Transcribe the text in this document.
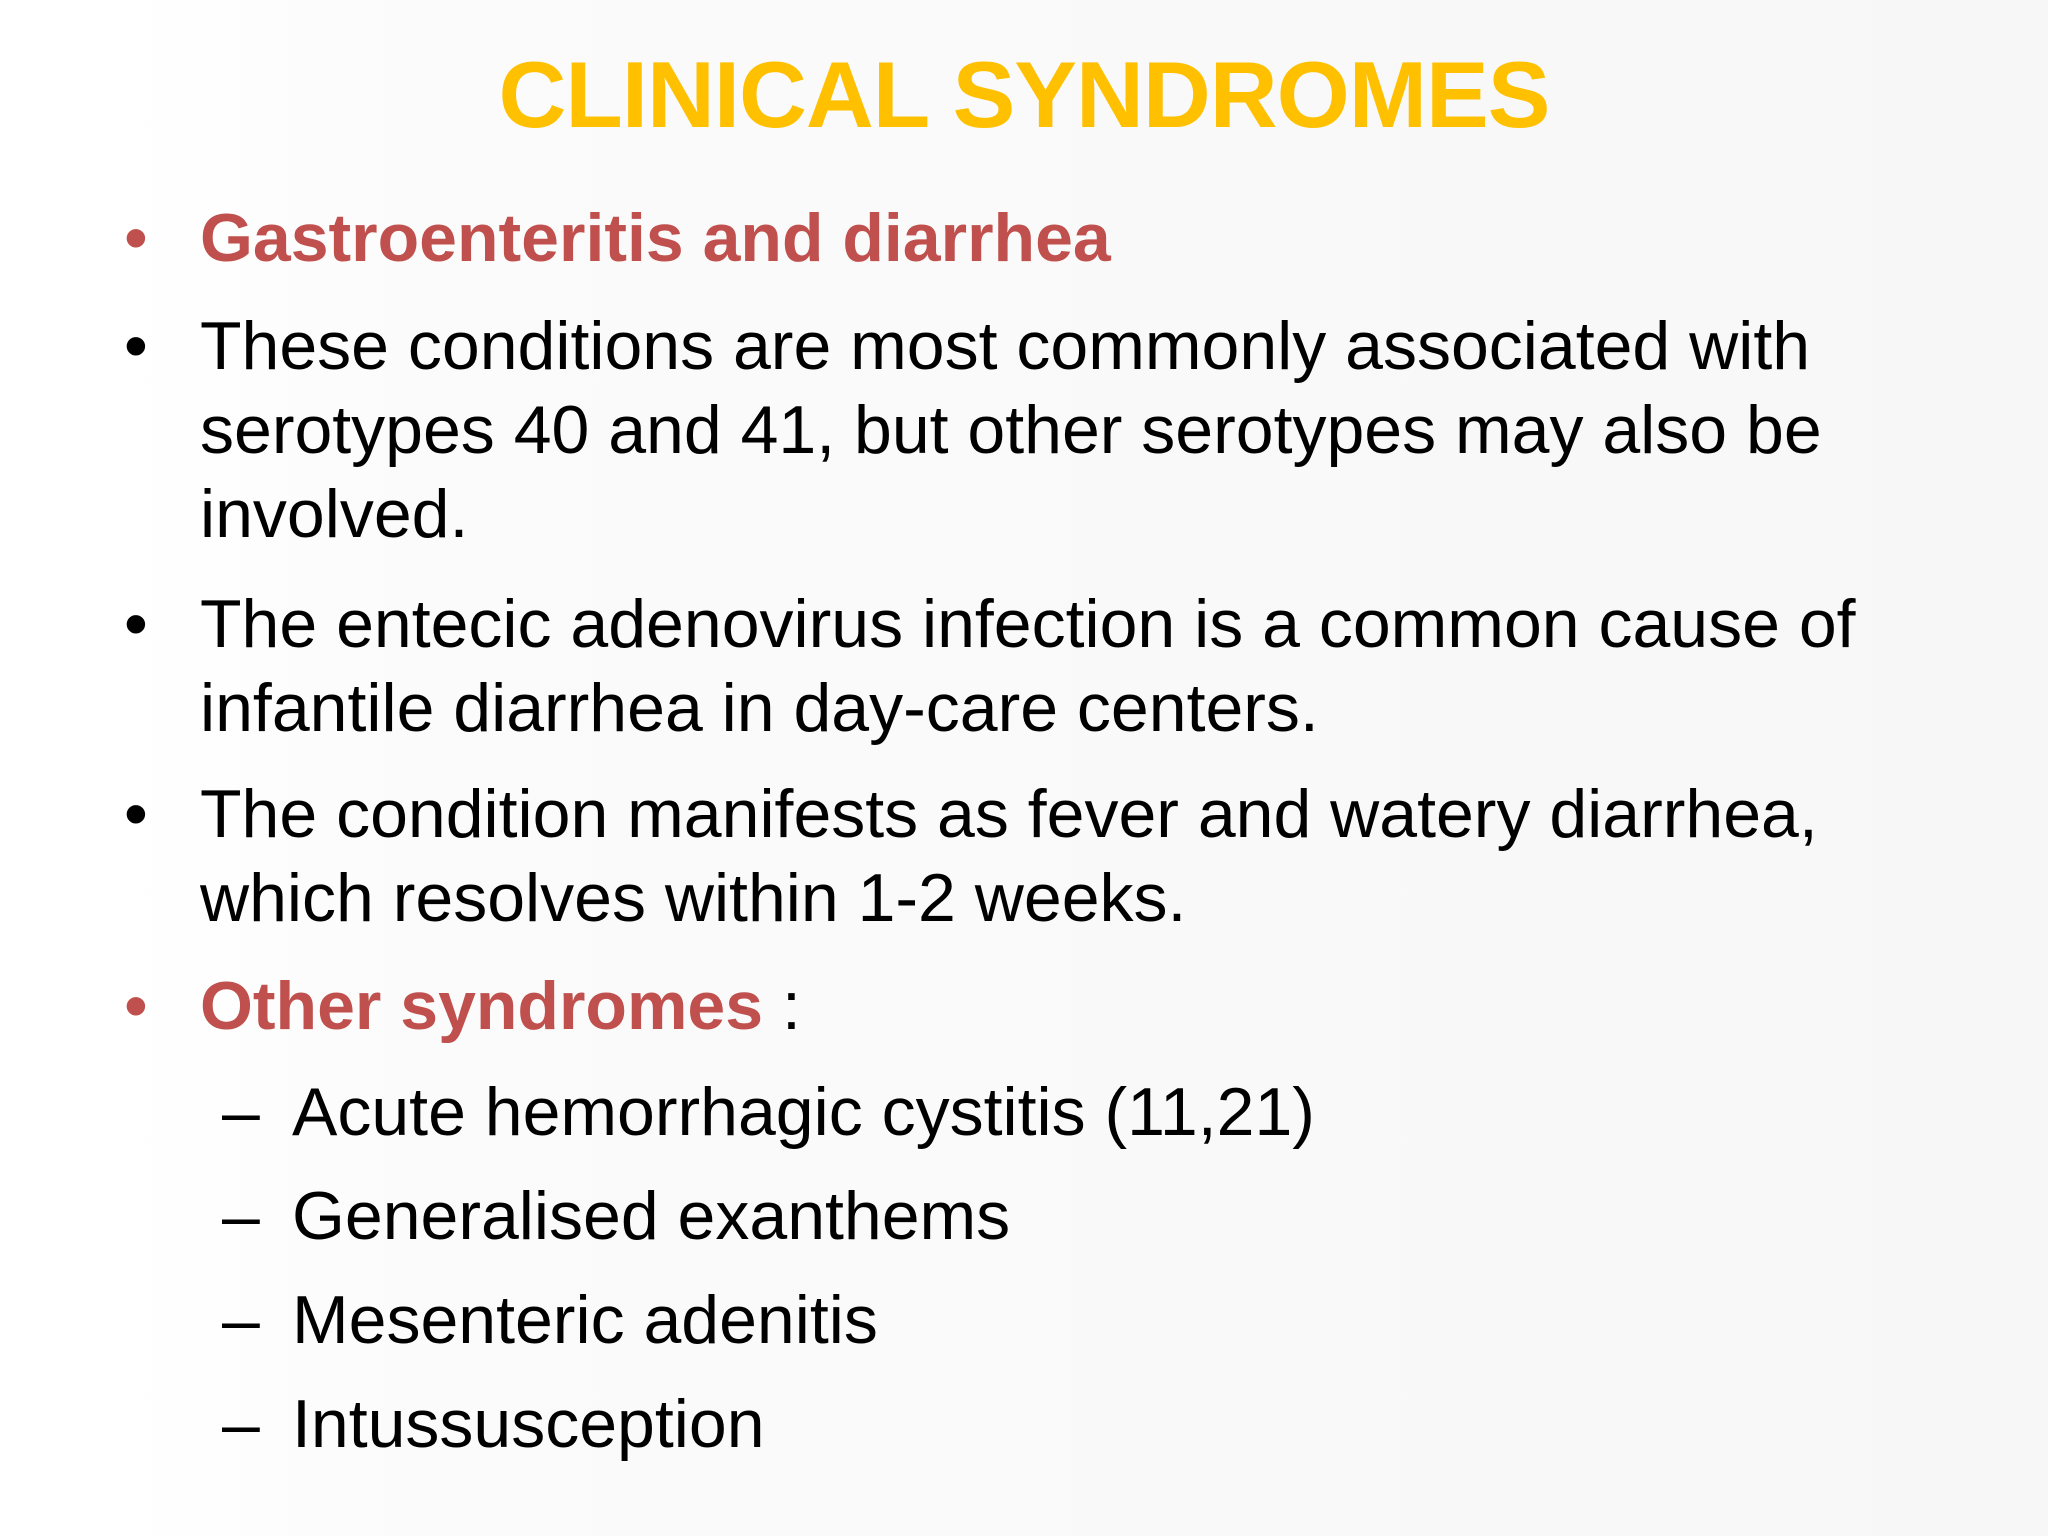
CLINICAL SYNDROMES
• Gastroenteritis and diarrhea
• These conditions are most commonly associated with serotypes 40 and 41, but other serotypes may also be involved.
• The entecic adenovirus infection is a common cause of infantile diarrhea in day-care centers.
• The condition manifests as fever and watery diarrhea, which resolves within 1-2 weeks.
• Other syndromes :
– Acute hemorrhagic cystitis (11,21)
– Generalised exanthems
– Mesenteric adenitis
– Intussusception
